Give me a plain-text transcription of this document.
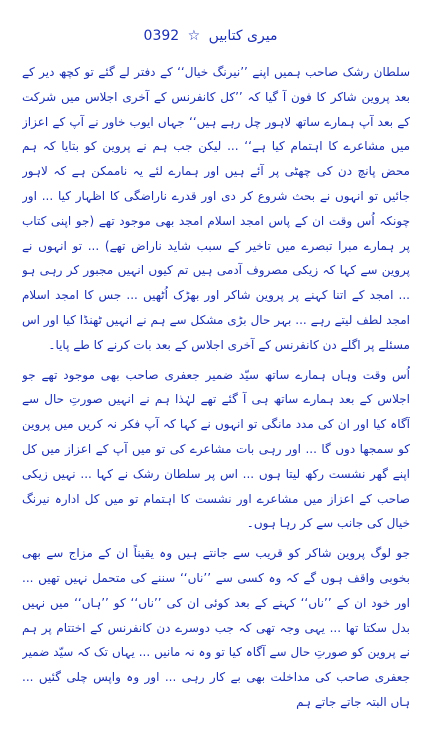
0392 ☆ میری کتابیں

سلطان رشک صاحب ہمیں اپنے ’’نیرنگ خیال‘‘ کے دفتر لے گئے تو کچھ دیر کے بعد پروین شاکر کا فون آ گیا کہ ’’کل کانفرنس کے آخری اجلاس میں شرکت کے بعد آپ ہمارے ساتھ لاہور چل رہے ہیں‘‘ جہاں ایوب خاور نے آپ کے اعزاز میں مشاعرے کا اہتمام کیا ہے‘‘ ... لیکن جب ہم نے پروین کو بتایا کہ ہم محض پانچ دن کی چھٹی پر آئے ہیں اور ہمارے لئے یہ ناممکن ہے کہ لاہور جائیں تو انہوں نے بحث شروع کر دی اور قدرے ناراضگی کا اظہار کیا ... اور چونکہ اُس وقت ان کے پاس امجد اسلام امجد بھی موجود تھے (جو اپنی کتاب پر ہمارے مبرا تبصرے میں تاخیر کے سبب شاید ناراض تھے) ... تو انہوں نے پروین سے کہا کہ زیکی مصروف آدمی ہیں تم کیوں انہیں مجبور کر رہی ہو ... امجد کے اتنا کہنے پر پروین شاکر اور بھڑک اُٹھیں ... جس کا امجد اسلام امجد لطف لیتے رہے ... بہر حال بڑی مشکل سے ہم نے انہیں ٹھنڈا کیا اور اس مسئلے پر اگلے دن کانفرنس کے آخری اجلاس کے بعد بات کرنے کا طے پایا۔

اُس وقت وہاں ہمارے ساتھ سیّد ضمیر جعفری صاحب بھی موجود تھے جو اجلاس کے بعد ہمارے ساتھ ہی آ گئے تھے لہٰذا ہم نے انہیں صورتِ حال سے آگاہ کیا اور ان کی مدد مانگی تو انہوں نے کہا کہ آپ فکر نہ کریں میں پروین کو سمجھا دوں گا ... اور رہی بات مشاعرے کی تو میں آپ کے اعزاز میں کل اپنے گھر نشست رکھ لیتا ہوں ... اس پر سلطان رشک نے کہا ... نہیں زیکی صاحب کے اعزاز میں مشاعرے اور نشست کا اہتمام تو میں کل ادارہ نیرنگ خیال کی جانب سے کر رہا ہوں۔

جو لوگ پروین شاکر کو قریب سے جانتے ہیں وہ یقیناً ان کے مزاج سے بھی بخوبی واقف ہوں گے کہ وہ کسی سے ’’ناں‘‘ سننے کی متحمل نہیں تھیں ... اور خود ان کے ’’ناں‘‘ کہنے کے بعد کوئی ان کی ’’ناں‘‘ کو ’’ہاں‘‘ میں نہیں بدل سکتا تھا ... یہی وجہ تھی کہ جب دوسرے دن کانفرنس کے اختتام پر ہم نے پروین کو صورتِ حال سے آگاہ کیا تو وہ نہ مانیں ... یہاں تک کہ سیّد ضمیر جعفری صاحب کی مداخلت بھی بے کار رہی ... اور وہ واپس چلی گئیں ... ہاں البتہ جاتے جاتے ہم
